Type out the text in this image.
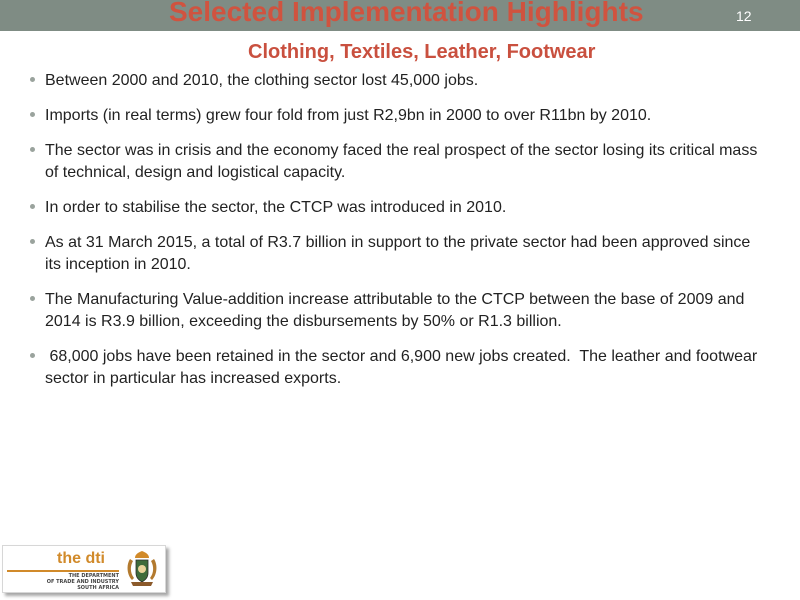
Selected Implementation Highlights	12
Clothing, Textiles, Leather, Footwear
Between 2000 and 2010, the clothing sector lost 45,000 jobs.
Imports (in real terms) grew four fold from just R2,9bn in 2000 to over R11bn by 2010.
The sector was in crisis and the economy faced the real prospect of the sector losing its critical mass of technical, design and logistical capacity.
In order to stabilise the sector, the CTCP was introduced in 2010.
As at 31 March 2015, a total of R3.7 billion in support to the private sector had been approved since its inception in 2010.
The Manufacturing Value-addition increase attributable to the CTCP between the base of 2009 and 2014 is R3.9 billion, exceeding the disbursements by 50% or R1.3 billion.
68,000 jobs have been retained in the sector and 6,900 new jobs created.  The leather and footwear sector in particular has increased exports.
the dti
THE DEPARTMENT
OF TRADE AND INDUSTRY
SOUTH AFRICA
